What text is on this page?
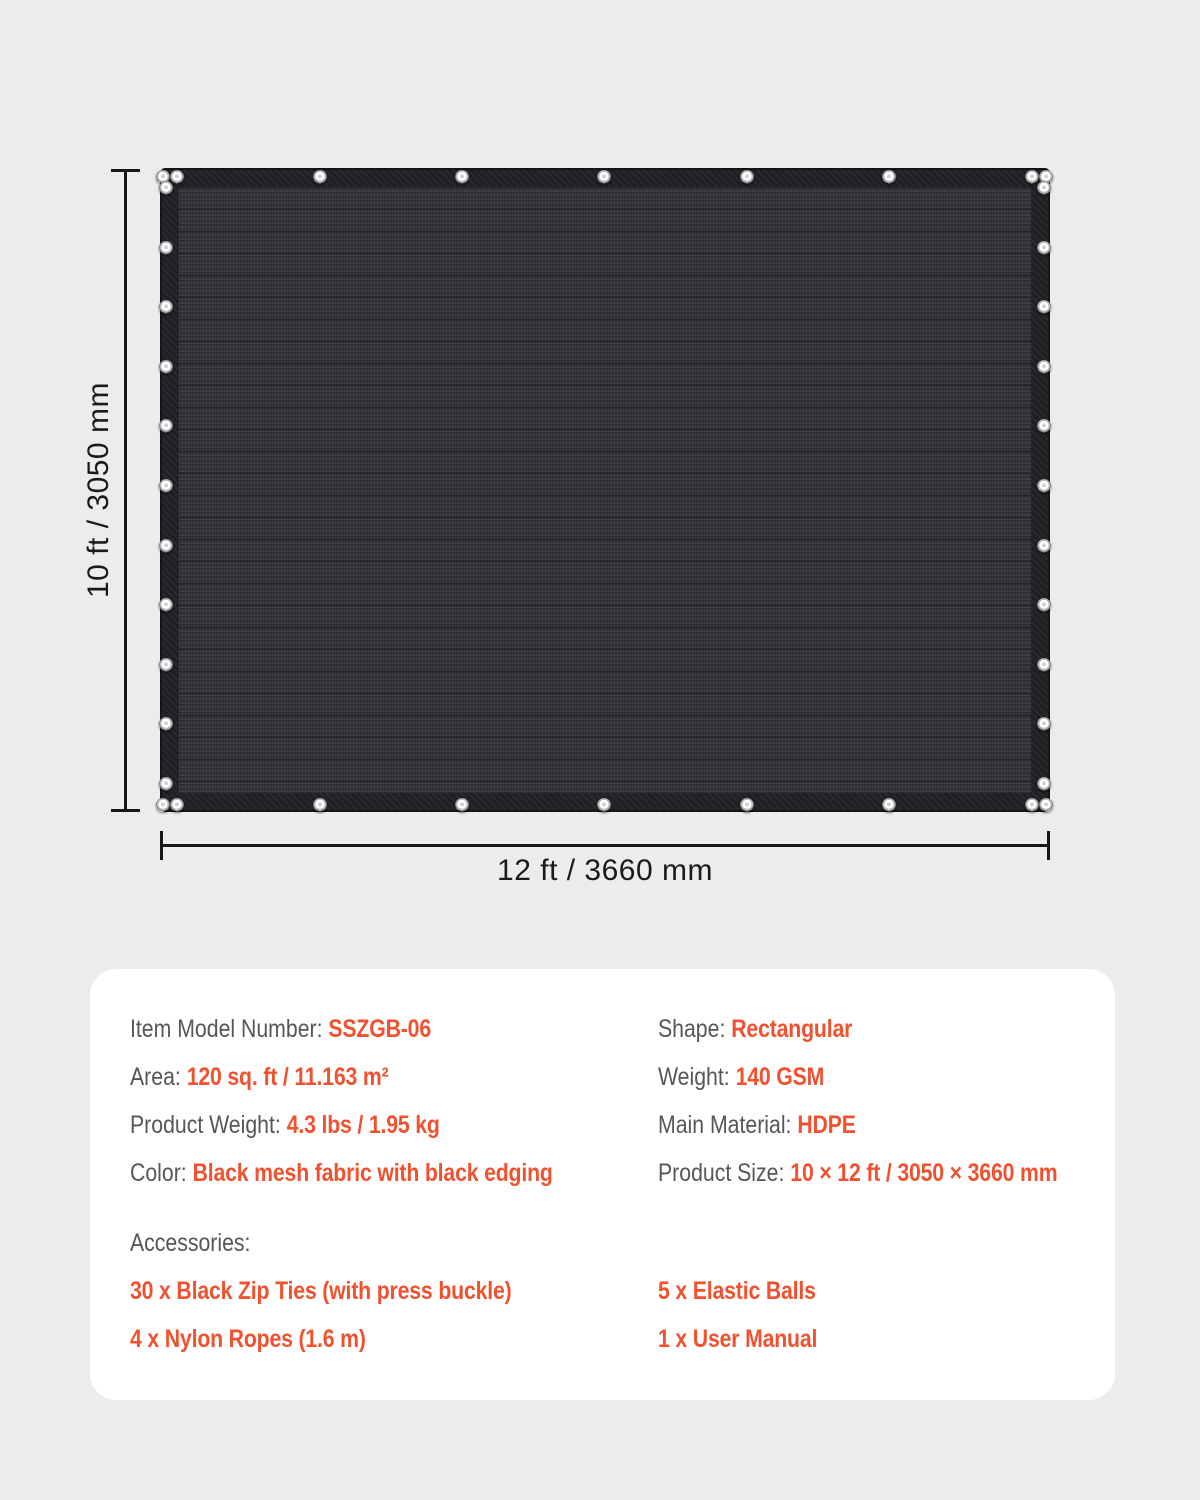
10 ft / 3050 mm
12 ft / 3660 mm
Item Model Number: SSZGB-06	Shape: Rectangular
Area: 120 sq. ft / 11.163 m²	Weight: 140 GSM
Product Weight: 4.3 lbs / 1.95 kg	Main Material: HDPE
Color: Black mesh fabric with black edging	Product Size: 10 × 12 ft / 3050 × 3660 mm
Accessories:
30 x Black Zip Ties (with press buckle)	5 x Elastic Balls
4 x Nylon Ropes (1.6 m)	1 x User Manual
